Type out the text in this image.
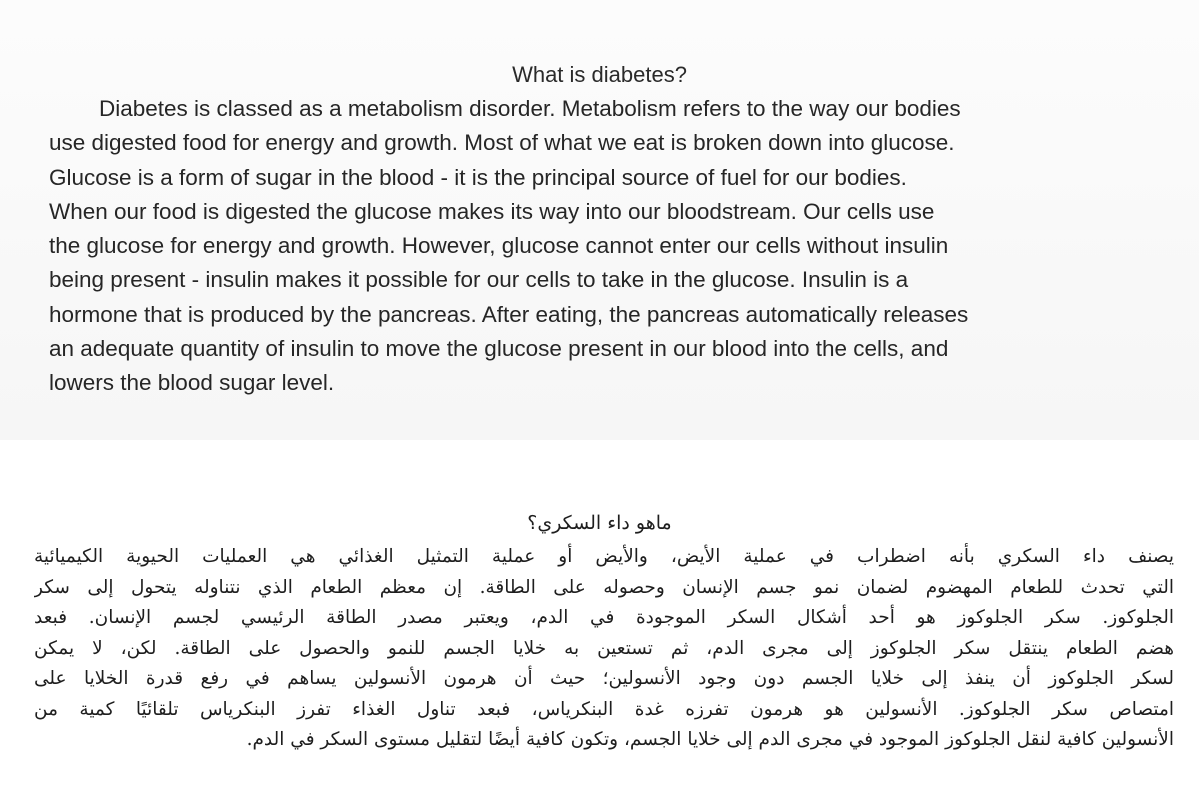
What is diabetes?
Diabetes is classed as a metabolism disorder. Metabolism refers to the way our bodies
use digested food for energy and growth. Most of what we eat is broken down into glucose.
Glucose is a form of sugar in the blood - it is the principal source of fuel for our bodies.
When our food is digested the glucose makes its way into our bloodstream. Our cells use
the glucose for energy and growth. However, glucose cannot enter our cells without insulin
being present - insulin makes it possible for our cells to take in the glucose. Insulin is a
hormone that is produced by the pancreas. After eating, the pancreas automatically releases
an adequate quantity of insulin to move the glucose present in our blood into the cells, and
lowers the blood sugar level.
ماهو داء السكري؟
يصنف داء السكري بأنه اضطراب في عملية الأيض، والأيض أو عملية التمثيل الغذائي هي العمليات الحيوية الكيميائية
التي تحدث للطعام المهضوم لضمان نمو جسم الإنسان وحصوله على الطاقة. إن معظم الطعام الذي نتناوله يتحول إلى سكر
الجلوكوز. سكر الجلوكوز هو أحد أشكال السكر الموجودة في الدم، ويعتبر مصدر الطاقة الرئيسي لجسم الإنسان. فبعد
هضم الطعام ينتقل سكر الجلوكوز إلى مجرى الدم، ثم تستعين به خلايا الجسم للنمو والحصول على الطاقة. لكن، لا يمكن
لسكر الجلوكوز أن ينفذ إلى خلايا الجسم دون وجود الأنسولين؛ حيث أن هرمون الأنسولين يساهم في رفع قدرة الخلايا على
امتصاص سكر الجلوكوز. الأنسولين هو هرمون تفرزه غدة البنكرياس، فبعد تناول الغذاء تفرز البنكرياس تلقائيًا كمية من
الأنسولين كافية لنقل الجلوكوز الموجود في مجرى الدم إلى خلايا الجسم، وتكون كافية أيضًا لتقليل مستوى السكر في الدم.
